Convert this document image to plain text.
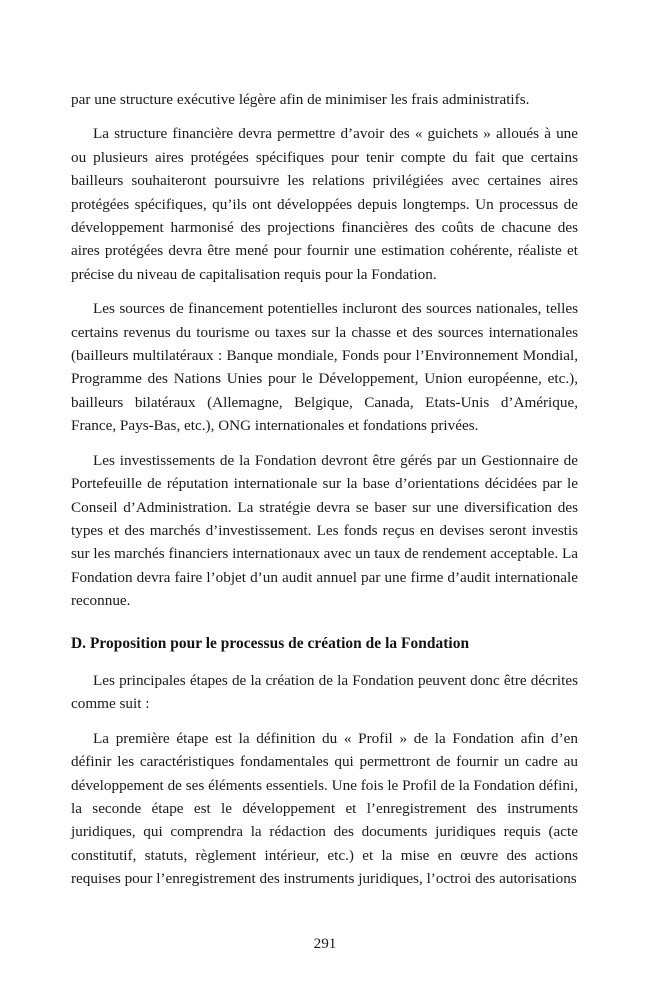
par une structure exécutive légère afin de minimiser les frais administratifs.

La structure financière devra permettre d’avoir des « guichets » alloués à une ou plusieurs aires protégées spécifiques pour tenir compte du fait que certains bailleurs souhaiteront poursuivre les relations privilégiées avec certaines aires protégées spécifiques, qu’ils ont développées depuis longtemps. Un processus de développement harmonisé des projections financières des coûts de chacune des aires protégées devra être mené pour fournir une estimation cohérente, réaliste et précise du niveau de capitalisation requis pour la Fondation.

Les sources de financement potentielles incluront des sources nationales, telles certains revenus du tourisme ou taxes sur la chasse et des sources internationales (bailleurs multilatéraux : Banque mondiale, Fonds pour l’Environnement Mondial, Programme des Nations Unies pour le Développement, Union européenne, etc.), bailleurs bilatéraux (Allemagne, Belgique, Canada, Etats-Unis d’Amérique, France, Pays-Bas, etc.), ONG internationales et fondations privées.

Les investissements de la Fondation devront être gérés par un Gestionnaire de Portefeuille de réputation internationale sur la base d’orientations décidées par le Conseil d’Administration. La stratégie devra se baser sur une diversification des types et des marchés d’investissement. Les fonds reçus en devises seront investis sur les marchés financiers internationaux avec un taux de rendement acceptable. La Fondation devra faire l’objet d’un audit annuel par une firme d’audit internationale reconnue.

D. Proposition pour le processus de création de la Fondation

Les principales étapes de la création de la Fondation peuvent donc être décrites comme suit :

La première étape est la définition du « Profil » de la Fondation afin d’en définir les caractéristiques fondamentales qui permettront de fournir un cadre au développement de ses éléments essentiels. Une fois le Profil de la Fondation défini, la seconde étape est le développement et l’enregistrement des instruments juridiques, qui comprendra la rédaction des documents juridiques requis (acte constitutif, statuts, règlement intérieur, etc.) et la mise en œuvre des actions requises pour l’enregistrement des instruments juridiques, l’octroi des autorisations

291
